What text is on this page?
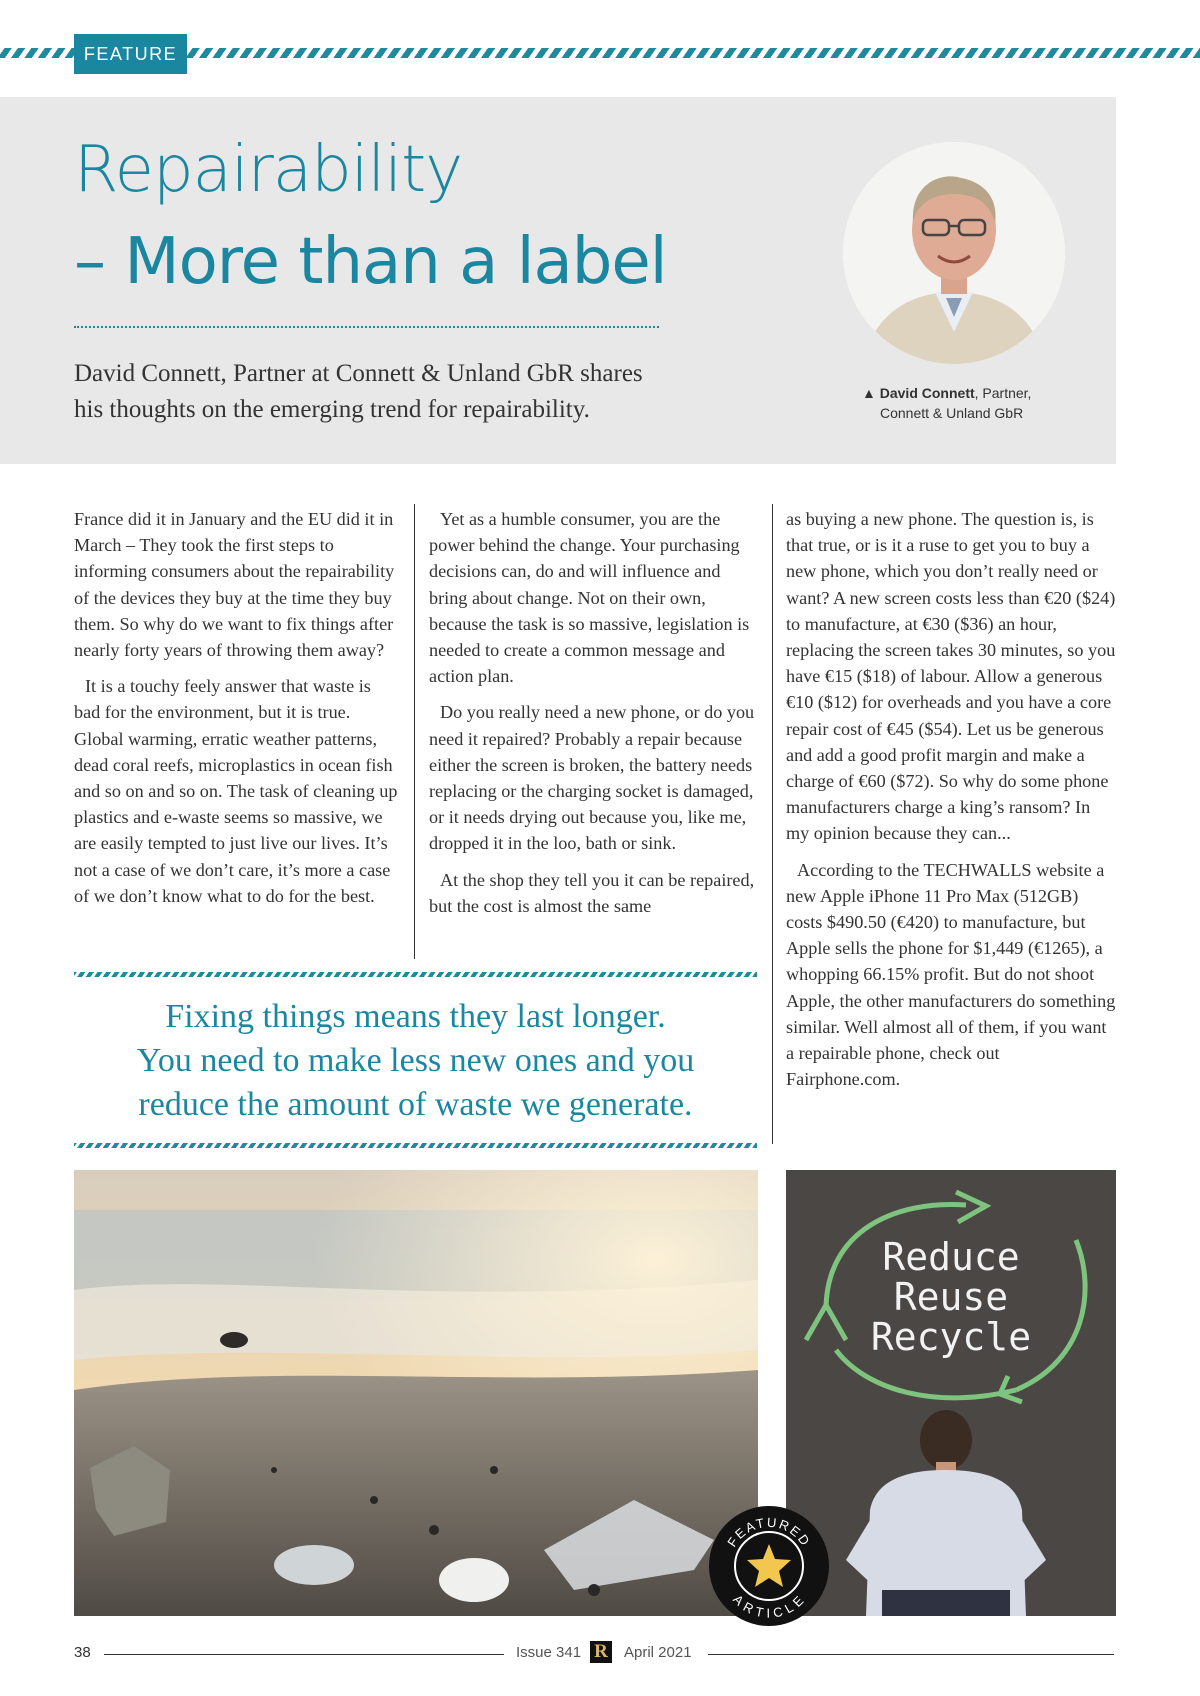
FEATURE
Repairability
– More than a label
David Connett, Partner at Connett & Unland GbR shares his thoughts on the emerging trend for repairability.
▲ David Connett, Partner,
Connett & Unland GbR

France did it in January and the EU did it in March – They took the first steps to informing consumers about the repairability of the devices they buy at the time they buy them. So why do we want to fix things after nearly forty years of throwing them away?

It is a touchy feely answer that waste is bad for the environment, but it is true. Global warming, erratic weather patterns, dead coral reefs, microplastics in ocean fish and so on and so on. The task of cleaning up plastics and e-waste seems so massive, we are easily tempted to just live our lives. It’s not a case of we don’t care, it’s more a case of we don’t know what to do for the best.

Yet as a humble consumer, you are the power behind the change. Your purchasing decisions can, do and will influence and bring about change. Not on their own, because the task is so massive, legislation is needed to create a common message and action plan.

Do you really need a new phone, or do you need it repaired? Probably a repair because either the screen is broken, the battery needs replacing or the charging socket is damaged, or it needs drying out because you, like me, dropped it in the loo, bath or sink.

At the shop they tell you it can be repaired, but the cost is almost the same

as buying a new phone. The question is, is that true, or is it a ruse to get you to buy a new phone, which you don’t really need or want? A new screen costs less than €20 ($24) to manufacture, at €30 ($36) an hour, replacing the screen takes 30 minutes, so you have €15 ($18) of labour. Allow a generous €10 ($12) for overheads and you have a core repair cost of €45 ($54). Let us be generous and add a good profit margin and make a charge of €60 ($72). So why do some phone manufacturers charge a king’s ransom? In my opinion because they can...

According to the TECHWALLS website a new Apple iPhone 11 Pro Max (512GB) costs $490.50 (€420) to manufacture, but Apple sells the phone for $1,449 (€1265), a whopping 66.15% profit. But do not shoot Apple, the other manufacturers do something similar. Well almost all of them, if you want a repairable phone, check out Fairphone.com.

Fixing things means they last longer.
You need to make less new ones and you
reduce the amount of waste we generate.
Reduce
Reuse
Recycle
FEATURED
ARTICLE
38	Issue 341 R April 2021
